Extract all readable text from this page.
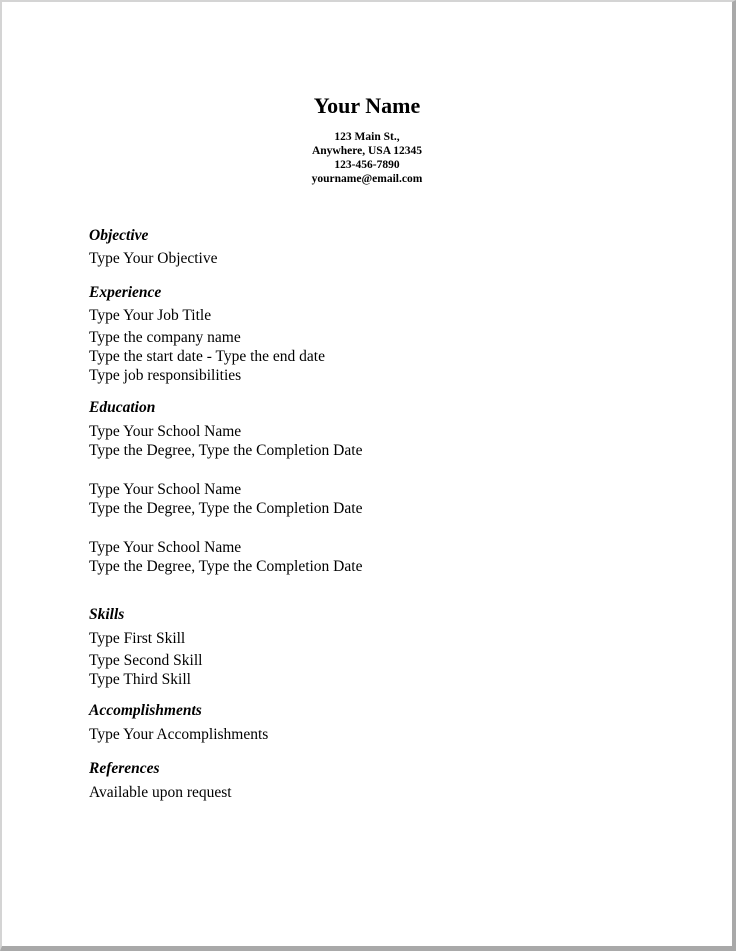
Your Name
123 Main St.,
Anywhere, USA 12345
123-456-7890
yourname@email.com
Objective
Type Your Objective
Experience
Type Your Job Title
Type the company name
Type the start date - Type the end date
Type job responsibilities
Education
Type Your School Name
Type the Degree, Type the Completion Date
Type Your School Name
Type the Degree, Type the Completion Date
Type Your School Name
Type the Degree, Type the Completion Date
Skills
Type First Skill
Type Second Skill
Type Third Skill
Accomplishments
Type Your Accomplishments
References
Available upon request
